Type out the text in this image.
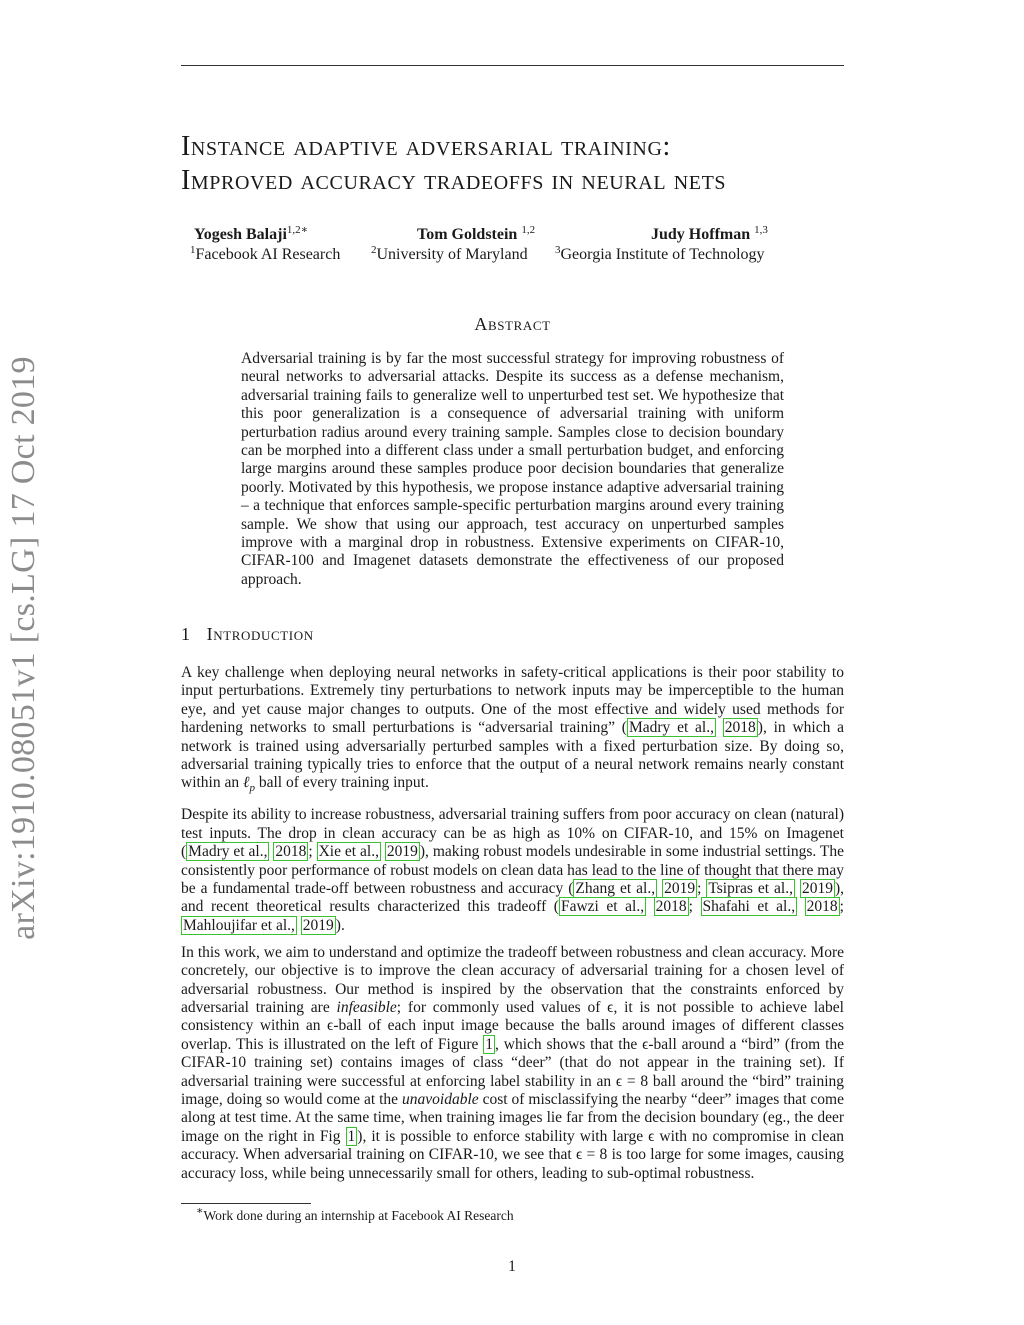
arXiv:1910.08051v1 [cs.LG] 17 Oct 2019
Instance adaptive adversarial training:
Improved accuracy tradeoffs in neural nets
Yogesh Balaji$^{1,2∗}$
$^1$Facebook AI Research
Tom Goldstein $^{1,2}$
$^2$University of Maryland
Judy Hoffman $^{1,3}$
$^3$Georgia Institute of Technology
Abstract

Adversarial training is by far the most successful strategy for improving robustness of neural networks to adversarial attacks. Despite its success as a defense mechanism, adversarial training fails to generalize well to unperturbed test set. We hypothesize that this poor generalization is a consequence of adversarial training with uniform perturbation radius around every training sample. Samples close to decision boundary can be morphed into a different class under a small perturbation budget, and enforcing large margins around these samples produce poor decision boundaries that generalize poorly. Motivated by this hypothesis, we propose instance adaptive adversarial training – a technique that enforces sample-specific perturbation margins around every training sample. We show that using our approach, test accuracy on unperturbed samples improve with a marginal drop in robustness. Extensive experiments on CIFAR-10, CIFAR-100 and Imagenet datasets demonstrate the effectiveness of our proposed approach.

1 Introduction

A key challenge when deploying neural networks in safety-critical applications is their poor stability to input perturbations. Extremely tiny perturbations to network inputs may be imperceptible to the human eye, and yet cause major changes to outputs. One of the most effective and widely used methods for hardening networks to small perturbations is “adversarial training” ( Madry et al., 2018 ), in which a network is trained using adversarially perturbed samples with a fixed perturbation size. By doing so, adversarial training typically tries to enforce that the output of a neural network remains nearly constant within an ℓ$_p$ ball of every training input.

Despite its ability to increase robustness, adversarial training suffers from poor accuracy on clean (natural) test inputs. The drop in clean accuracy can be as high as 10% on CIFAR-10, and 15% on Imagenet ( Madry et al., 2018 ; Xie et al., 2019 ), making robust models undesirable in some industrial settings. The consistently poor performance of robust models on clean data has lead to the line of thought that there may be a fundamental trade-off between robustness and accuracy ( Zhang et al., 2019 ; Tsipras et al., 2019 ), and recent theoretical results characterized this tradeoff ( Fawzi et al., 2018 ; Shafahi et al., 2018 ; Mahloujifar et al., 2019 ).

In this work, we aim to understand and optimize the tradeoff between robustness and clean accuracy. More concretely, our objective is to improve the clean accuracy of adversarial training for a chosen level of adversarial robustness. Our method is inspired by the observation that the constraints enforced by adversarial training are infeasible; for commonly used values of ϵ, it is not possible to achieve label consistency within an ϵ-ball of each input image because the balls around images of different classes overlap. This is illustrated on the left of Figure 1 , which shows that the ϵ-ball around a “bird” (from the CIFAR-10 training set) contains images of class “deer” (that do not appear in the training set). If adversarial training were successful at enforcing label stability in an ϵ = 8 ball around the “bird” training image, doing so would come at the unavoidable cost of misclassifying the nearby “deer” images that come along at test time. At the same time, when training images lie far from the decision boundary (eg., the deer image on the right in Fig 1 ), it is possible to enforce stability with large ϵ with no compromise in clean accuracy. When adversarial training on CIFAR-10, we see that ϵ = 8 is too large for some images, causing accuracy loss, while being unnecessarily small for others, leading to sub-optimal robustness.

∗Work done during an internship at Facebook AI Research
1
